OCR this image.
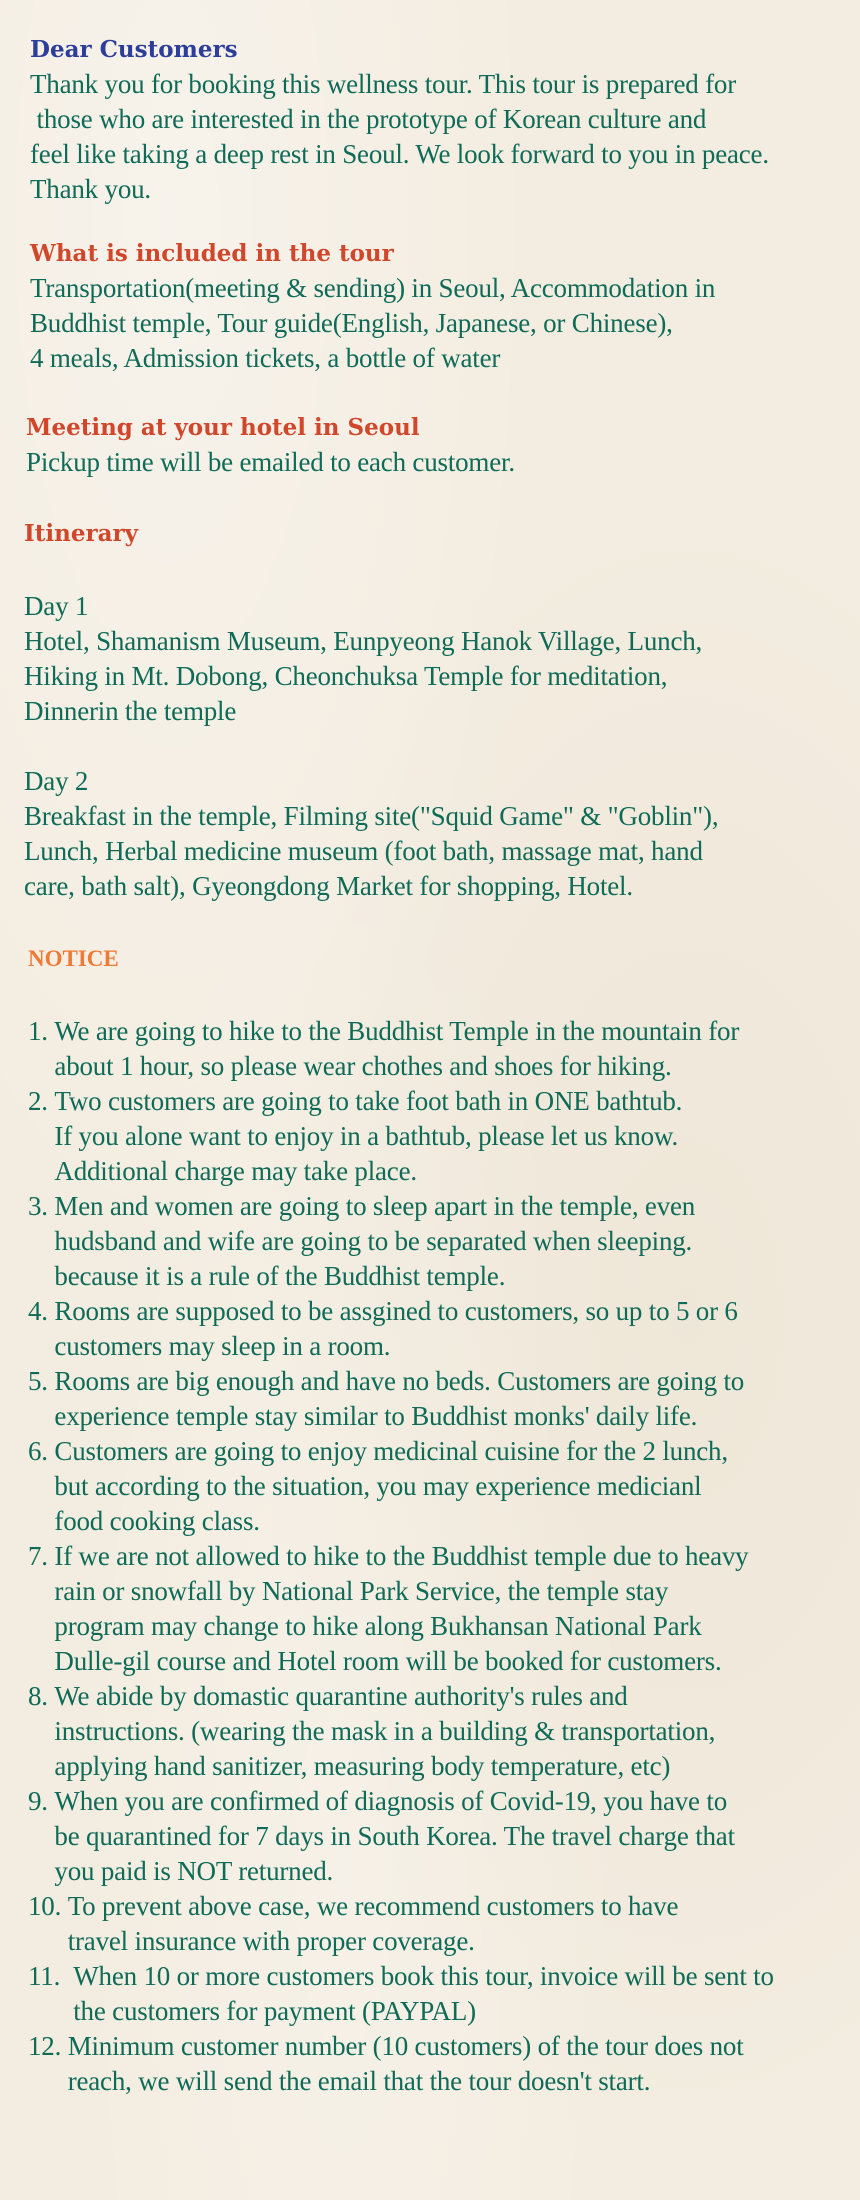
Dear Customers

Thank you for booking this wellness tour. This tour is prepared for

those who are interested in the prototype of Korean culture and

feel like taking a deep rest in Seoul. We look forward to you in peace.

Thank you.

What is included in the tour

Transportation(meeting & sending) in Seoul, Accommodation in

Buddhist temple, Tour guide(English, Japanese, or Chinese),

4 meals, Admission tickets, a bottle of water

Meeting at your hotel in Seoul

Pickup time will be emailed to each customer.

Itinerary

Day 1

Hotel, Shamanism Museum, Eunpyeong Hanok Village, Lunch,

Hiking in Mt. Dobong, Cheonchuksa Temple for meditation,

Dinnerin the temple

Day 2

Breakfast in the temple, Filming site("Squid Game" & "Goblin"),

Lunch, Herbal medicine museum (foot bath, massage mat, hand

care, bath salt), Gyeongdong Market for shopping, Hotel.

NOTICE
1. We are going to hike to the Buddhist Temple in the mountain for
about 1 hour, so please wear chothes and shoes for hiking.
2. Two customers are going to take foot bath in ONE bathtub.
If you alone want to enjoy in a bathtub, please let us know.
Additional charge may take place.
3. Men and women are going to sleep apart in the temple, even
hudsband and wife are going to be separated when sleeping.
because it is a rule of the Buddhist temple.
4. Rooms are supposed to be assgined to customers, so up to 5 or 6
customers may sleep in a room.
5. Rooms are big enough and have no beds. Customers are going to
experience temple stay similar to Buddhist monks' daily life.
6. Customers are going to enjoy medicinal cuisine for the 2 lunch,
but according to the situation, you may experience medicianl
food cooking class.
7. If we are not allowed to hike to the Buddhist temple due to heavy
rain or snowfall by National Park Service, the temple stay
program may change to hike along Bukhansan National Park
Dulle-gil course and Hotel room will be booked for customers.
8. We abide by domastic quarantine authority's rules and
instructions. (wearing the mask in a building & transportation,
applying hand sanitizer, measuring body temperature, etc)
9. When you are confirmed of diagnosis of Covid-19, you have to
be quarantined for 7 days in South Korea. The travel charge that
you paid is NOT returned.
10. To prevent above case, we recommend customers to have
travel insurance with proper coverage.
11. When 10 or more customers book this tour, invoice will be sent to
the customers for payment (PAYPAL)
12. Minimum customer number (10 customers) of the tour does not
reach, we will send the email that the tour doesn't start.
